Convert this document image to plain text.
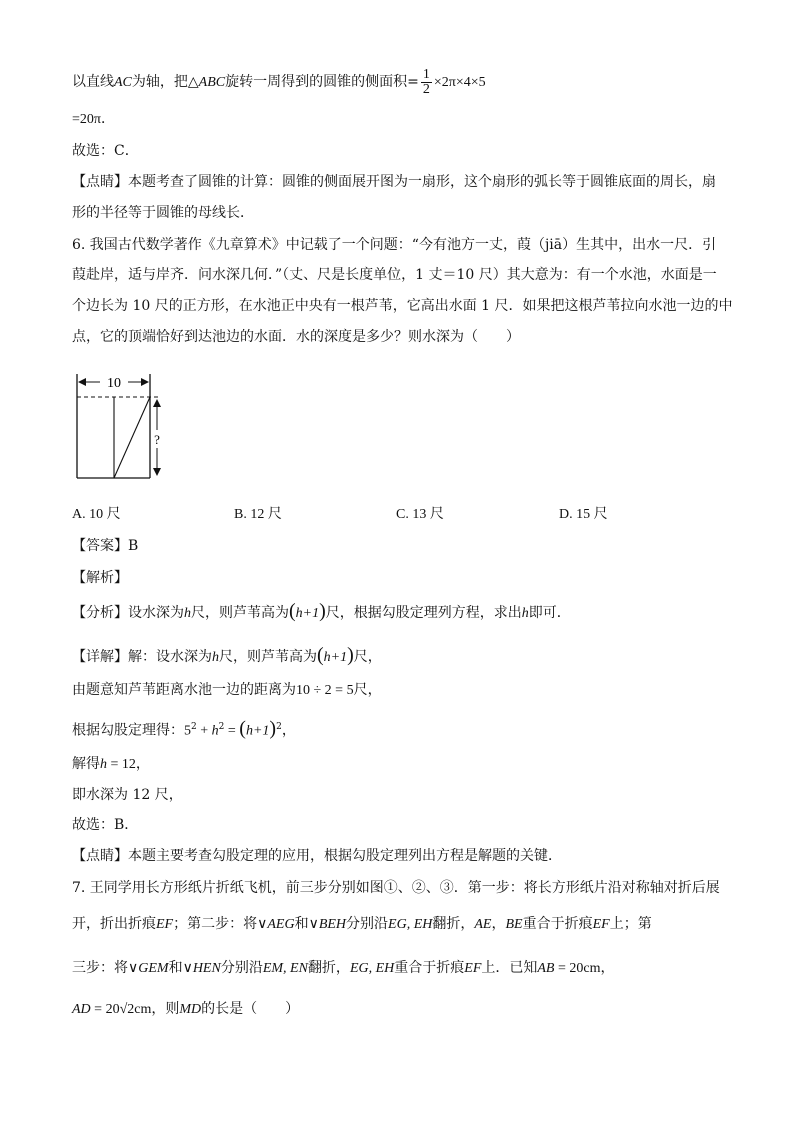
以直线AC为轴，把△ABC旋转一周得到的圆锥的侧面积= $\frac{1}{2} \times 2\pi\times 4\times 5$
=20π．
故选：C．
【点睛】本题考查了圆锥的计算：圆锥的侧面展开图为一扇形，这个扇形的弧长等于圆锥底面的周长，扇
形的半径等于圆锥的母线长．
6. 我国古代数学著作《九章算术》中记载了一个问题：“今有池方一丈，葭（jiā）生其中，出水一尺．引
葭赴岸，适与岸齐．问水深几何．”（丈、尺是长度单位，1 丈＝10 尺）其大意为：有一个水池，水面是一
个边长为 10 尺的正方形，在水池正中央有一根芦苇，它高出水面 1 尺．如果把这根芦苇拉向水池一边的中
点，它的顶端恰好到达池边的水面．水的深度是多少？则水深为（　　）
10
?
A. 10 尺	B. 12 尺	C. 13 尺	D. 15 尺
【答案】B
【解析】
【分析】设水深为h尺，则芦苇高为(h+1)尺，根据勾股定理列方程，求出h即可．
【详解】解：设水深为h尺，则芦苇高为(h+1)尺，
由题意知芦苇距离水池一边的距离为10 ÷ 2 = 5尺，
根据勾股定理得：$5^2 + h^2 = (h+1)^2$，
解得h = 12，
即水深为 12 尺，
故选：B．
【点睛】本题主要考查勾股定理的应用，根据勾股定理列出方程是解题的关键．
7. 王同学用长方形纸片折纸飞机，前三步分别如图①、②、③．第一步：将长方形纸片沿对称轴对折后展
开，折出折痕EF；第二步：将∨AEG和∨BEH分别沿EG, EH翻折，AE，BE重合于折痕EF上；第
三步：将∨GEM和∨HEN分别沿EM, EN翻折，EG, EH重合于折痕EF上．已知AB = 20cm，
AD = 20√2cm，则MD的长是（　　）
